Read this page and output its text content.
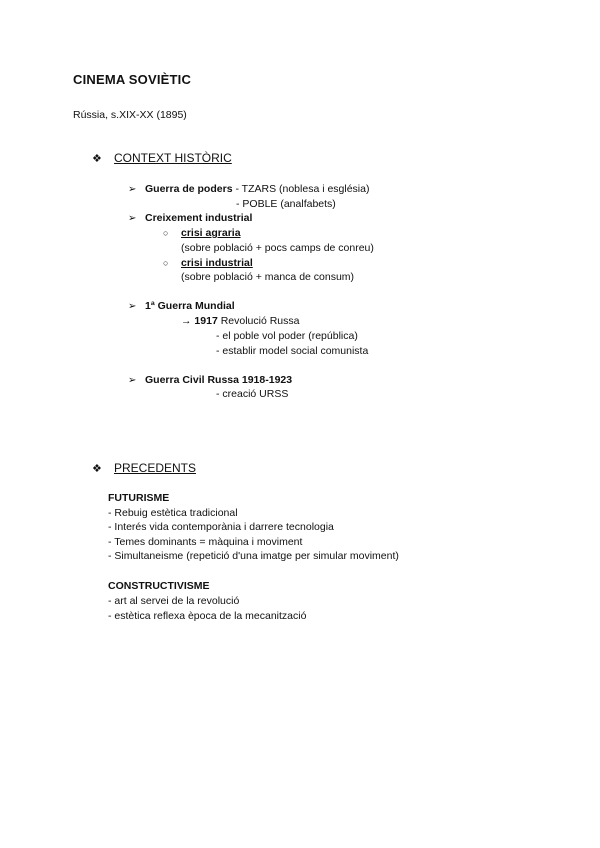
CINEMA SOVIÈTIC
Rússia, s.XIX-XX (1895)
❖ CONTEXT HISTÒRIC
➢ Guerra de poders - TZARS (noblesa i església)
- POBLE (analfabets)
➢ Creixement industrial
○ crisi agraria
(sobre població + pocs camps de conreu)
○ crisi industrial
(sobre població + manca de consum)
➢ 1ª Guerra Mundial
→ 1917 Revolució Russa
- el poble vol poder (república)
- establir model social comunista
➢ Guerra Civil Russa 1918-1923
- creació URSS
❖ PRECEDENTS
FUTURISME
- Rebuig estètica tradicional
- Interés vida contemporània i darrere tecnologia
- Temes dominants = màquina i moviment
- Simultaneisme (repetició d'una imatge per simular moviment)
CONSTRUCTIVISME
- art al servei de la revolució
- estètica reflexa època de la mecanització
